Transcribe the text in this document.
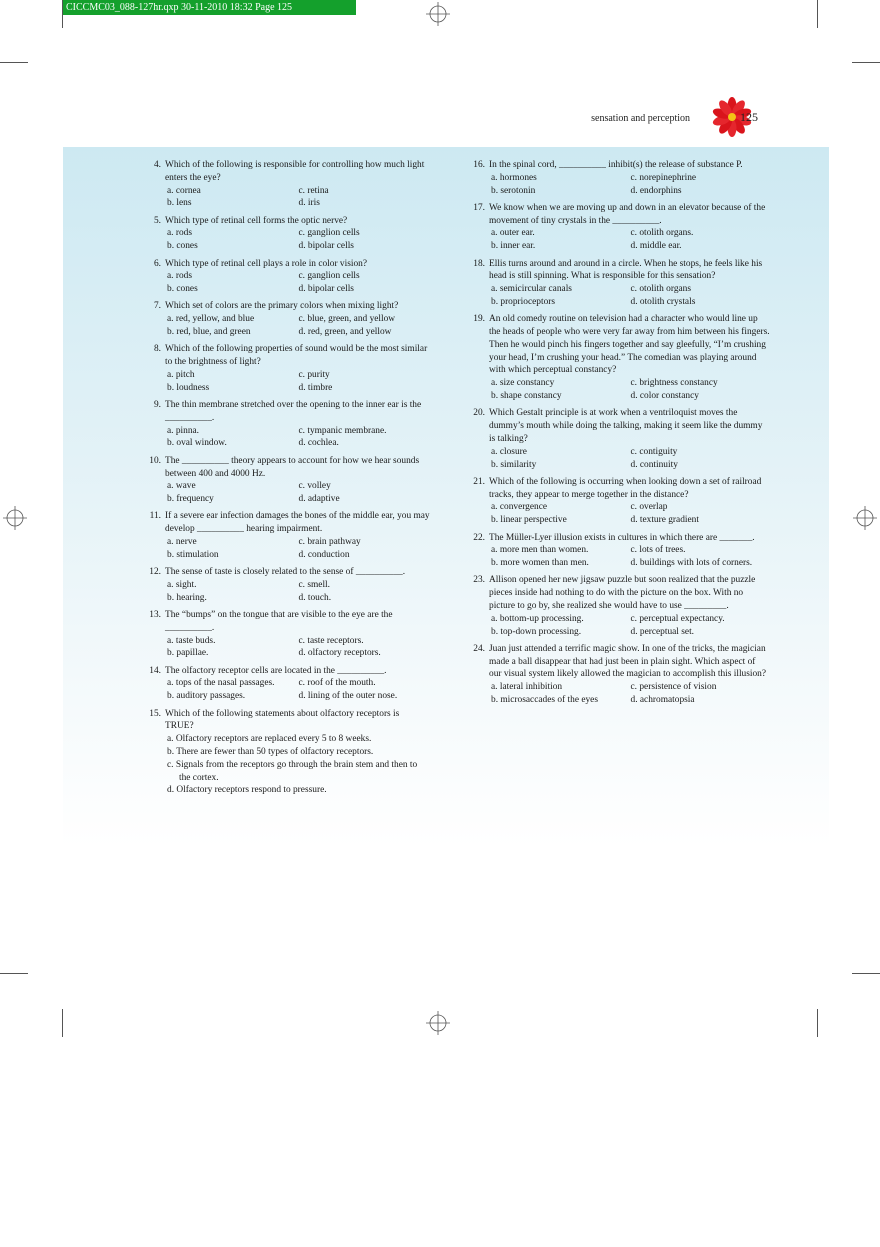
CICCMC03_088-127hr.qxp 30-11-2010 18:32 Page 125
sensation and perception	125
4. Which of the following is responsible for controlling how much light enters the eye?
a. cornea	c. retina
b. lens	d. iris
5. Which type of retinal cell forms the optic nerve?
a. rods	c. ganglion cells
b. cones	d. bipolar cells
6. Which type of retinal cell plays a role in color vision?
a. rods	c. ganglion cells
b. cones	d. bipolar cells
7. Which set of colors are the primary colors when mixing light?
a. red, yellow, and blue	c. blue, green, and yellow
b. red, blue, and green	d. red, green, and yellow
8. Which of the following properties of sound would be the most similar to the brightness of light?
a. pitch	c. purity
b. loudness	d. timbre
9. The thin membrane stretched over the opening to the inner ear is the __________.
a. pinna.	c. tympanic membrane.
b. oval window.	d. cochlea.
10. The __________ theory appears to account for how we hear sounds between 400 and 4000 Hz.
a. wave	c. volley
b. frequency	d. adaptive
11. If a severe ear infection damages the bones of the middle ear, you may develop __________ hearing impairment.
a. nerve	c. brain pathway
b. stimulation	d. conduction
12. The sense of taste is closely related to the sense of __________.
a. sight.	c. smell.
b. hearing.	d. touch.
13. The “bumps” on the tongue that are visible to the eye are the __________.
a. taste buds.	c. taste receptors.
b. papillae.	d. olfactory receptors.
14. The olfactory receptor cells are located in the __________.
a. tops of the nasal passages.	c. roof of the mouth.
b. auditory passages.	d. lining of the outer nose.
15. Which of the following statements about olfactory receptors is TRUE?
a. Olfactory receptors are replaced every 5 to 8 weeks.
b. There are fewer than 50 types of olfactory receptors.
c. Signals from the receptors go through the brain stem and then to the cortex.
d. Olfactory receptors respond to pressure.
16. In the spinal cord, __________ inhibit(s) the release of substance P.
a. hormones	c. norepinephrine
b. serotonin	d. endorphins
17. We know when we are moving up and down in an elevator because of the movement of tiny crystals in the __________.
a. outer ear.	c. otolith organs.
b. inner ear.	d. middle ear.
18. Ellis turns around and around in a circle. When he stops, he feels like his head is still spinning. What is responsible for this sensation?
a. semicircular canals	c. otolith organs
b. proprioceptors	d. otolith crystals
19. An old comedy routine on television had a character who would line up the heads of people who were very far away from him between his fingers. Then he would pinch his fingers together and say gleefully, “I’m crushing your head, I’m crushing your head.” The comedian was playing around with which perceptual constancy?
a. size constancy	c. brightness constancy
b. shape constancy	d. color constancy
20. Which Gestalt principle is at work when a ventriloquist moves the dummy’s mouth while doing the talking, making it seem like the dummy is talking?
a. closure	c. contiguity
b. similarity	d. continuity
21. Which of the following is occurring when looking down a set of railroad tracks, they appear to merge together in the distance?
a. convergence	c. overlap
b. linear perspective	d. texture gradient
22. The Müller-Lyer illusion exists in cultures in which there are _______.
a. more men than women.	c. lots of trees.
b. more women than men.	d. buildings with lots of corners.
23. Allison opened her new jigsaw puzzle but soon realized that the puzzle pieces inside had nothing to do with the picture on the box. With no picture to go by, she realized she would have to use _________.
a. bottom-up processing.	c. perceptual expectancy.
b. top-down processing.	d. perceptual set.
24. Juan just attended a terrific magic show. In one of the tricks, the magician made a ball disappear that had just been in plain sight. Which aspect of our visual system likely allowed the magician to accomplish this illusion?
a. lateral inhibition	c. persistence of vision
b. microsaccades of the eyes	d. achromatopsia
